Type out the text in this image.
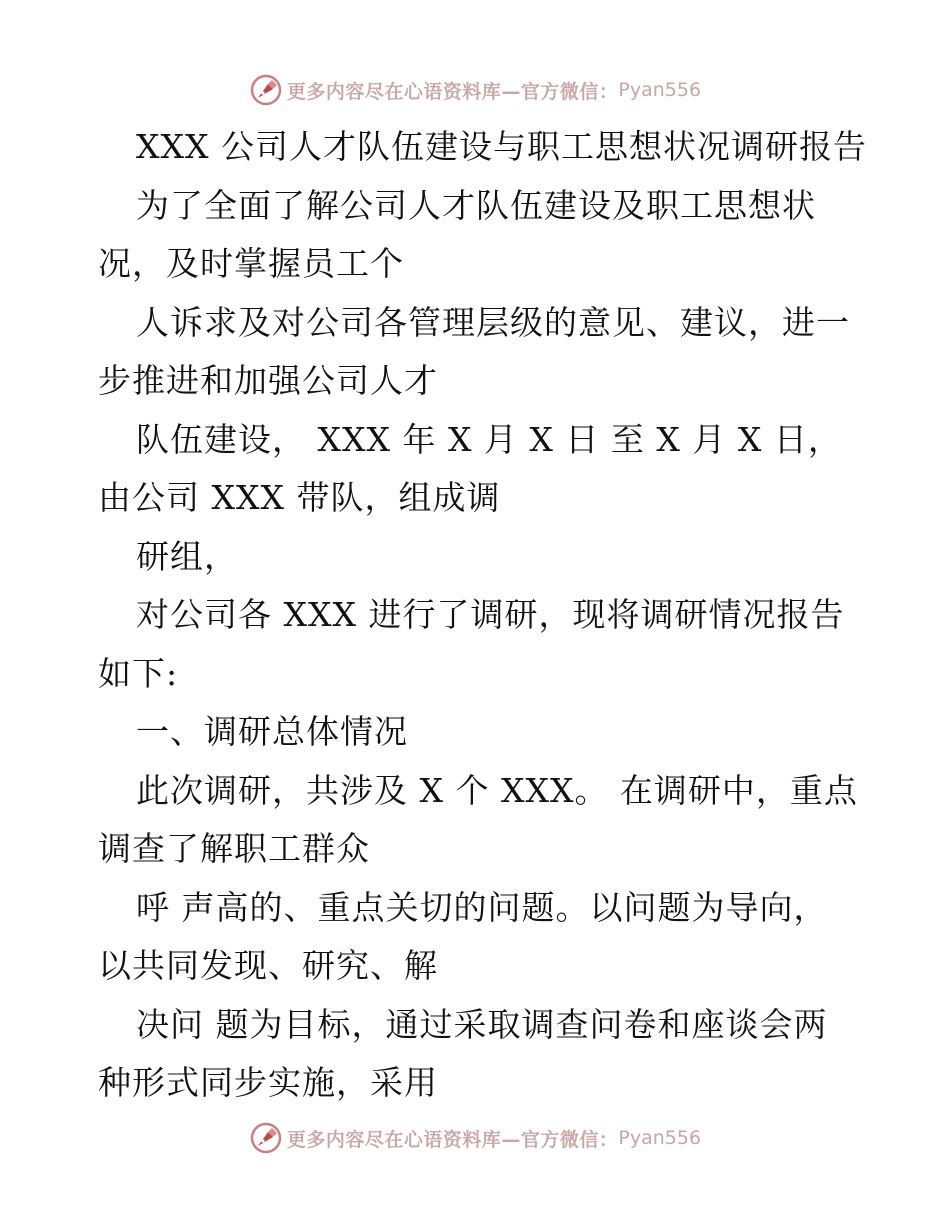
更多内容尽在心语资料库—官方微信： Pyan556
XXX 公司人才队伍建设与职工思想状况调研报告
为了全面了解公司人才队伍建设及职工思想状
况，及时掌握员工个
人诉求及对公司各管理层级的意见、建议，进一
步推进和加强公司人才
队伍建设， XXX 年 X 月 X 日 至 X 月 X 日，
由公司 XXX 带队，组成调
研组，
对公司各 XXX 进行了调研，现将调研情况报告
如下:
一、调研总体情况
此次调研，共涉及 X 个 XXX。 在调研中，重点
调查了解职工群众
呼 声高的、重点关切的问题。以问题为导向，
以共同发现、研究、解
决问 题为目标，通过采取调查问卷和座谈会两
种形式同步实施，采用
更多内容尽在心语资料库—官方微信： Pyan556
